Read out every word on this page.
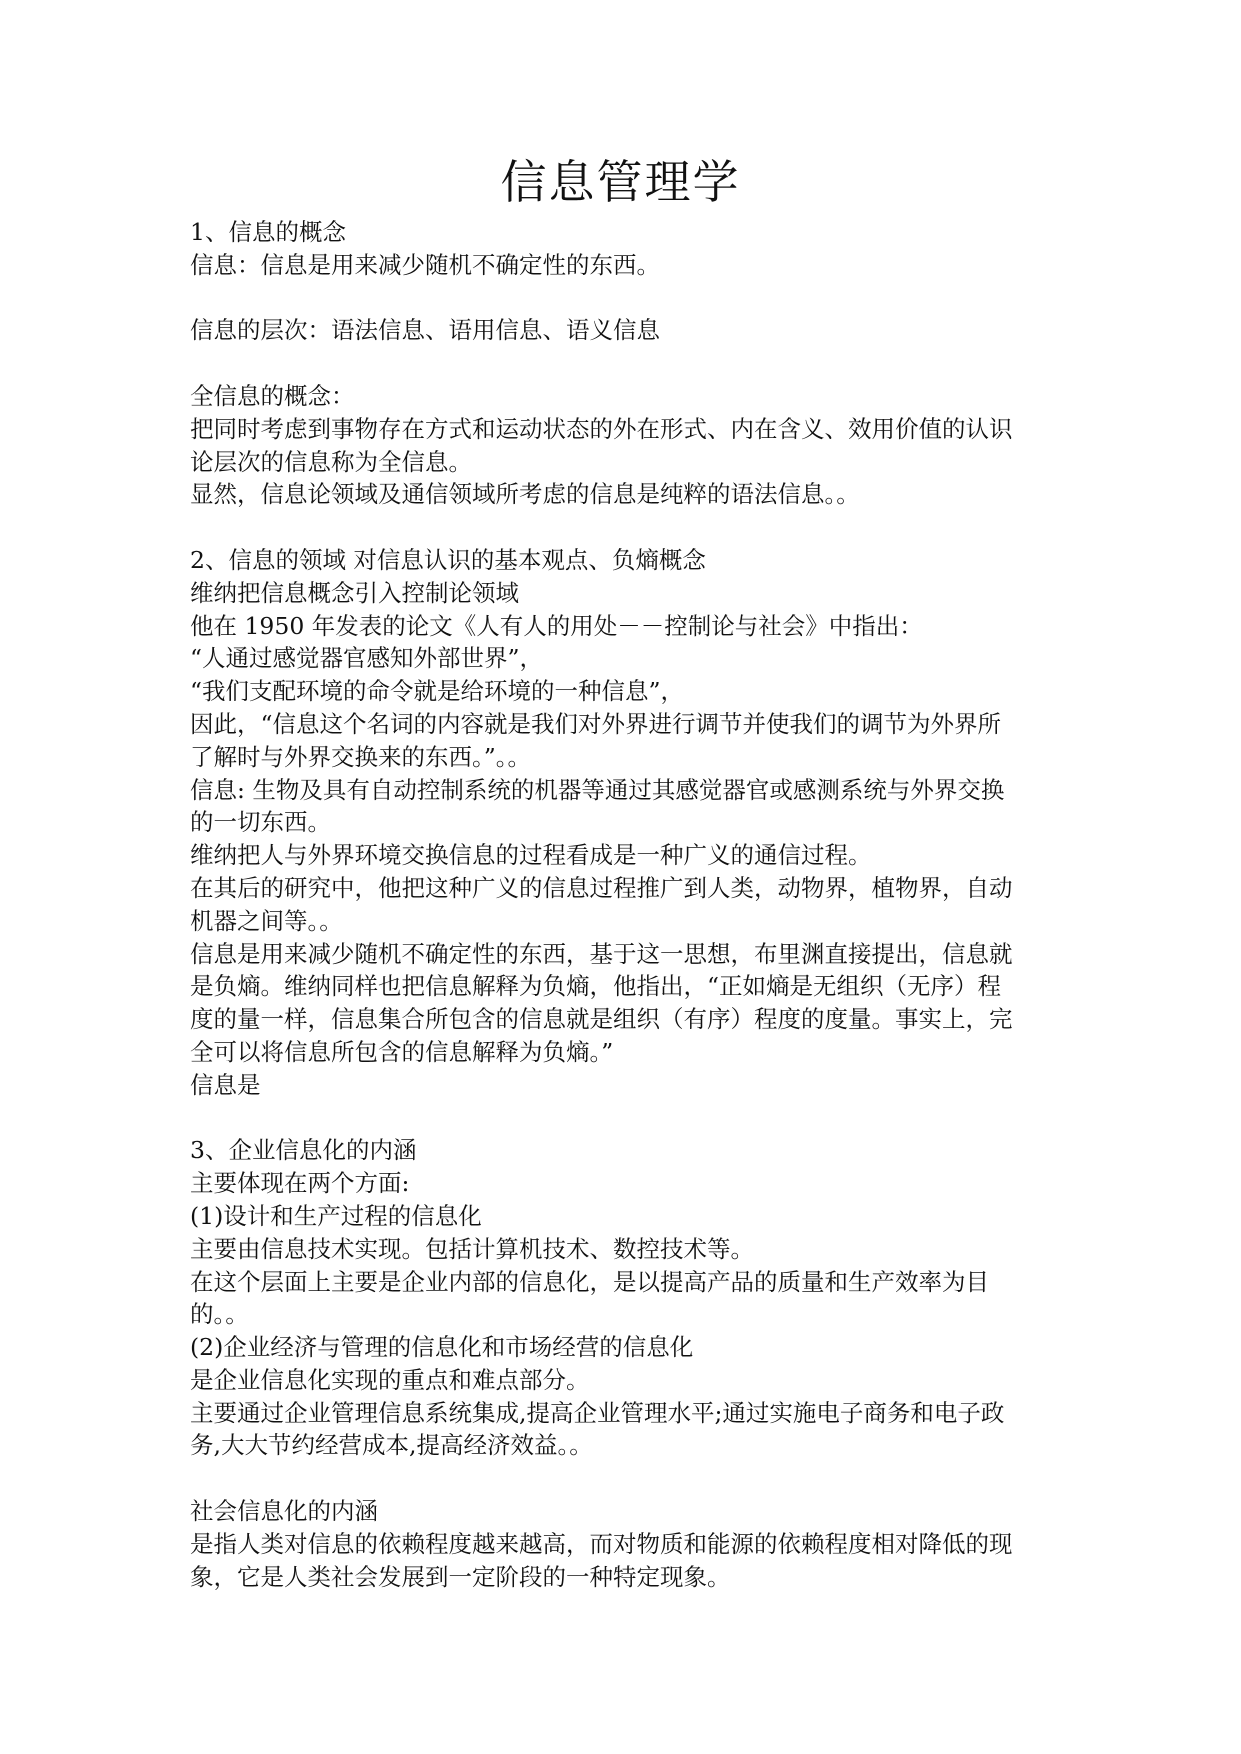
信息管理学
1、信息的概念
信息：信息是用来减少随机不确定性的东西。
信息的层次：语法信息、语用信息、语义信息
全信息的概念：
把同时考虑到事物存在方式和运动状态的外在形式、内在含义、效用价值的认识
论层次的信息称为全信息。
显然，信息论领域及通信领域所考虑的信息是纯粹的语法信息。。
2、信息的领域 对信息认识的基本观点、负熵概念
维纳把信息概念引入控制论领域
他在 1950 年发表的论文《人有人的用处－－控制论与社会》中指出：
“人通过感觉器官感知外部世界”，
“我们支配环境的命令就是给环境的一种信息”，
因此，“信息这个名词的内容就是我们对外界进行调节并使我们的调节为外界所
了解时与外界交换来的东西。”。。
信息: 生物及具有自动控制系统的机器等通过其感觉器官或感测系统与外界交换
的一切东西。
维纳把人与外界环境交换信息的过程看成是一种广义的通信过程。
在其后的研究中，他把这种广义的信息过程推广到人类，动物界，植物界，自动
机器之间等。。
信息是用来减少随机不确定性的东西，基于这一思想，布里渊直接提出，信息就
是负熵。维纳同样也把信息解释为负熵，他指出，“正如熵是无组织（无序）程
度的量一样，信息集合所包含的信息就是组织（有序）程度的度量。事实上，完
全可以将信息所包含的信息解释为负熵。”
信息是
3、企业信息化的内涵
主要体现在两个方面:
(1)设计和生产过程的信息化
主要由信息技术实现。包括计算机技术、数控技术等。
在这个层面上主要是企业内部的信息化，是以提高产品的质量和生产效率为目
的。。
(2)企业经济与管理的信息化和市场经营的信息化
是企业信息化实现的重点和难点部分。
主要通过企业管理信息系统集成,提高企业管理水平;通过实施电子商务和电子政
务,大大节约经营成本,提高经济效益。。
社会信息化的内涵
是指人类对信息的依赖程度越来越高，而对物质和能源的依赖程度相对降低的现
象，它是人类社会发展到一定阶段的一种特定现象。
